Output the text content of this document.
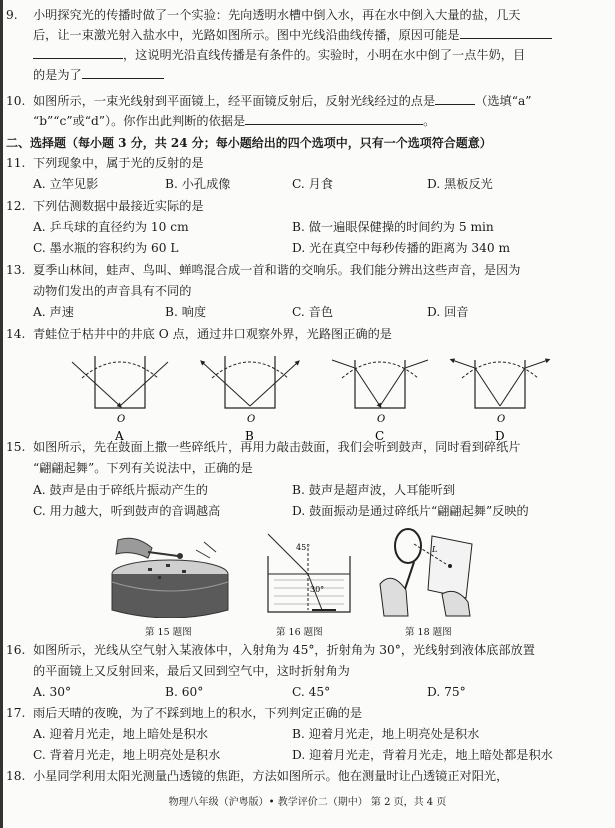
9. 小明探究光的传播时做了一个实验：先向透明水槽中倒入水，再在水中倒入大量的盐，几天
后，让一束激光射入盐水中，光路如图所示。图中光线沿曲线传播，原因可能是
，这说明光沿直线传播是有条件的。实验时，小明在水中倒了一点牛奶，目
的是为了
10. 如图所示，一束光线射到平面镜上，经平面镜反射后，反射光线经过的点是	（选填“a”
“b”“c”或“d”）。你作出此判断的依据是	。
二、选择题（每小题 3 分，共 24 分；每小题给出的四个选项中，只有一个选项符合题意）
11. 下列现象中，属于光的反射的是
A. 立竿见影	B. 小孔成像	C. 月食	D. 黑板反光
12. 下列估测数据中最接近实际的是
A. 乒乓球的直径约为 10 cm	B. 做一遍眼保健操的时间约为 5 min
C. 墨水瓶的容积约为 60 L	D. 光在真空中每秒传播的距离为 340 m
13. 夏季山林间，蛙声、鸟叫、蝉鸣混合成一首和谐的交响乐。我们能分辨出这些声音，是因为
动物们发出的声音具有不同的
A. 声速	B. 响度	C. 音色	D. 回音
14. 青蛙位于枯井中的井底 O 点，通过井口观察外界，光路图正确的是
O	O	O	O
A	B	C	D
15. 如图所示，先在鼓面上撒一些碎纸片，再用力敲击鼓面，我们会听到鼓声，同时看到碎纸片
“翩翩起舞”。下列有关说法中，正确的是
A. 鼓声是由于碎纸片振动产生的	B. 鼓声是超声波，人耳能听到
C. 用力越大，听到鼓声的音调越高	D. 鼓面振动是通过碎纸片“翩翩起舞”反映的
第 15 题图
45°
30°
第 16 题图
L
第 18 题图
16. 如图所示，光线从空气射入某液体中，入射角为 45°，折射角为 30°，光线射到液体底部放置
的平面镜上又反射回来，最后又回到空气中，这时折射角为
A. 30°	B. 60°	C. 45°	D. 75°
17. 雨后天晴的夜晚，为了不踩到地上的积水，下列判定正确的是
A. 迎着月光走，地上暗处是积水	B. 迎着月光走，地上明亮处是积水
C. 背着月光走，地上明亮处是积水	D. 迎着月光走，背着月光走，地上暗处都是积水
18. 小星同学利用太阳光测量凸透镜的焦距，方法如图所示。他在测量时让凸透镜正对阳光，
物理八年级（沪粤版）• 教学评价二（期中） 第 2 页，共 4 页
